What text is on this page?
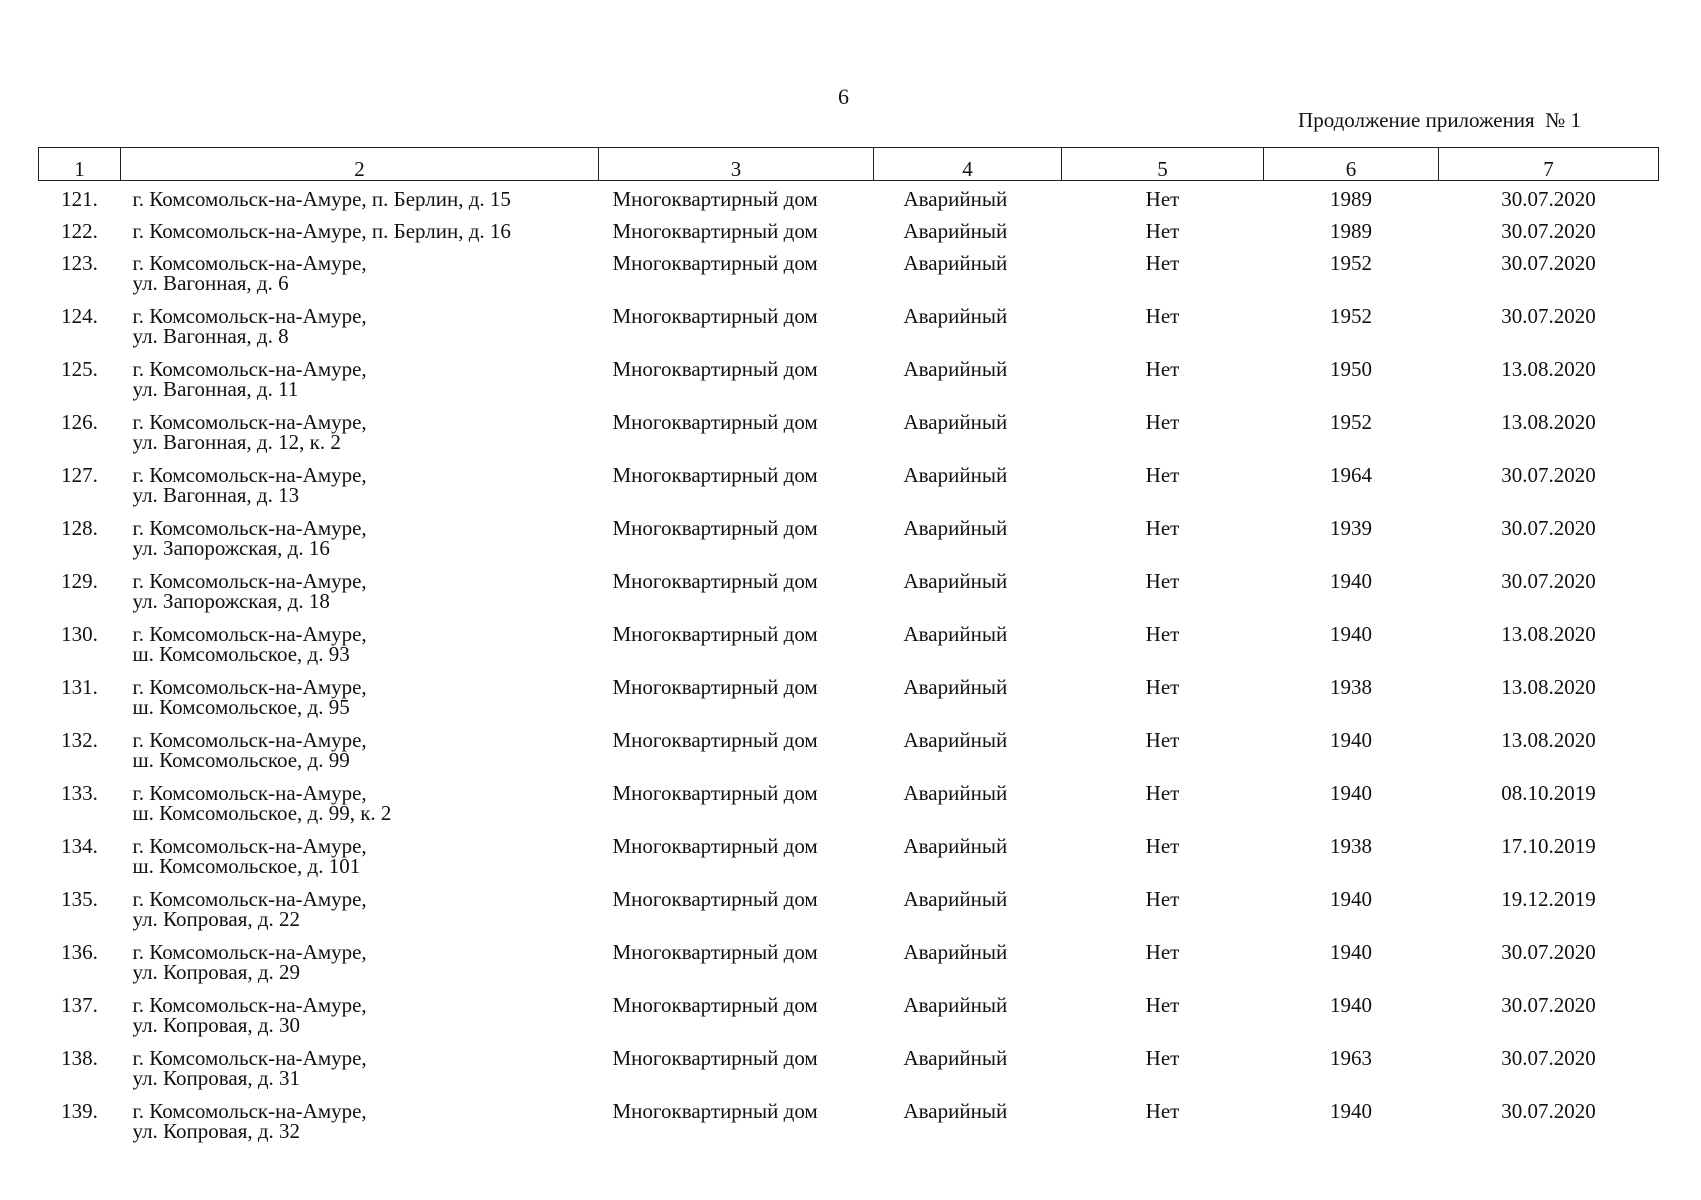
6
Продолжение приложения  № 1
1	2	3	4	5	6	7
121.	г. Комсомольск-на-Амуре, п. Берлин, д. 15	Многоквартирный дом	Аварийный	Нет	1989	30.07.2020
122.	г. Комсомольск-на-Амуре, п. Берлин, д. 16	Многоквартирный дом	Аварийный	Нет	1989	30.07.2020
123.	г. Комсомольск-на-Амуре,
ул. Вагонная, д. 6	Многоквартирный дом	Аварийный	Нет	1952	30.07.2020
124.	г. Комсомольск-на-Амуре,
ул. Вагонная, д. 8	Многоквартирный дом	Аварийный	Нет	1952	30.07.2020
125.	г. Комсомольск-на-Амуре,
ул. Вагонная, д. 11	Многоквартирный дом	Аварийный	Нет	1950	13.08.2020
126.	г. Комсомольск-на-Амуре,
ул. Вагонная, д. 12, к. 2	Многоквартирный дом	Аварийный	Нет	1952	13.08.2020
127.	г. Комсомольск-на-Амуре,
ул. Вагонная, д. 13	Многоквартирный дом	Аварийный	Нет	1964	30.07.2020
128.	г. Комсомольск-на-Амуре,
ул. Запорожская, д. 16	Многоквартирный дом	Аварийный	Нет	1939	30.07.2020
129.	г. Комсомольск-на-Амуре,
ул. Запорожская, д. 18	Многоквартирный дом	Аварийный	Нет	1940	30.07.2020
130.	г. Комсомольск-на-Амуре,
ш. Комсомольское, д. 93	Многоквартирный дом	Аварийный	Нет	1940	13.08.2020
131.	г. Комсомольск-на-Амуре,
ш. Комсомольское, д. 95	Многоквартирный дом	Аварийный	Нет	1938	13.08.2020
132.	г. Комсомольск-на-Амуре,
ш. Комсомольское, д. 99	Многоквартирный дом	Аварийный	Нет	1940	13.08.2020
133.	г. Комсомольск-на-Амуре,
ш. Комсомольское, д. 99, к. 2	Многоквартирный дом	Аварийный	Нет	1940	08.10.2019
134.	г. Комсомольск-на-Амуре,
ш. Комсомольское, д. 101	Многоквартирный дом	Аварийный	Нет	1938	17.10.2019
135.	г. Комсомольск-на-Амуре,
ул. Копровая, д. 22	Многоквартирный дом	Аварийный	Нет	1940	19.12.2019
136.	г. Комсомольск-на-Амуре,
ул. Копровая, д. 29	Многоквартирный дом	Аварийный	Нет	1940	30.07.2020
137.	г. Комсомольск-на-Амуре,
ул. Копровая, д. 30	Многоквартирный дом	Аварийный	Нет	1940	30.07.2020
138.	г. Комсомольск-на-Амуре,
ул. Копровая, д. 31	Многоквартирный дом	Аварийный	Нет	1963	30.07.2020
139.	г. Комсомольск-на-Амуре,
ул. Копровая, д. 32	Многоквартирный дом	Аварийный	Нет	1940	30.07.2020
